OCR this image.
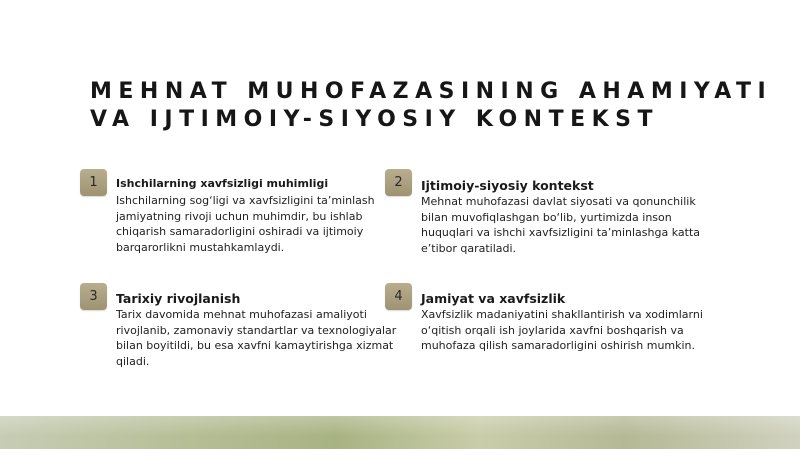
MEHNAT MUHOFAZASINING AHAMIYATI
VA IJTIMOIY-SIYOSIY KONTEKST
1	Ishchilarning xavfsizligi muhimligi

Ishchilarning sog‘ligi va xavfsizligini ta’minlash jamiyatning rivoji uchun muhimdir, bu ishlab chiqarish samaradorligini oshiradi va ijtimoiy barqarorlikni mustahkamlaydi.

2	Ijtimoiy-siyosiy kontekst

Mehnat muhofazasi davlat siyosati va qonunchilik bilan muvofiqlashgan bo‘lib, yurtimizda inson huquqlari va ishchi xavfsizligini ta’minlashga katta e’tibor qaratiladi.

3	Tarixiy rivojlanish

Tarix davomida mehnat muhofazasi amaliyoti rivojlanib, zamonaviy standartlar va texnologiyalar bilan boyitildi, bu esa xavfni kamaytirishga xizmat qiladi.

4	Jamiyat va xavfsizlik

Xavfsizlik madaniyatini shakllantirish va xodimlarni o‘qitish orqali ish joylarida xavfni boshqarish va muhofaza qilish samaradorligini oshirish mumkin.
